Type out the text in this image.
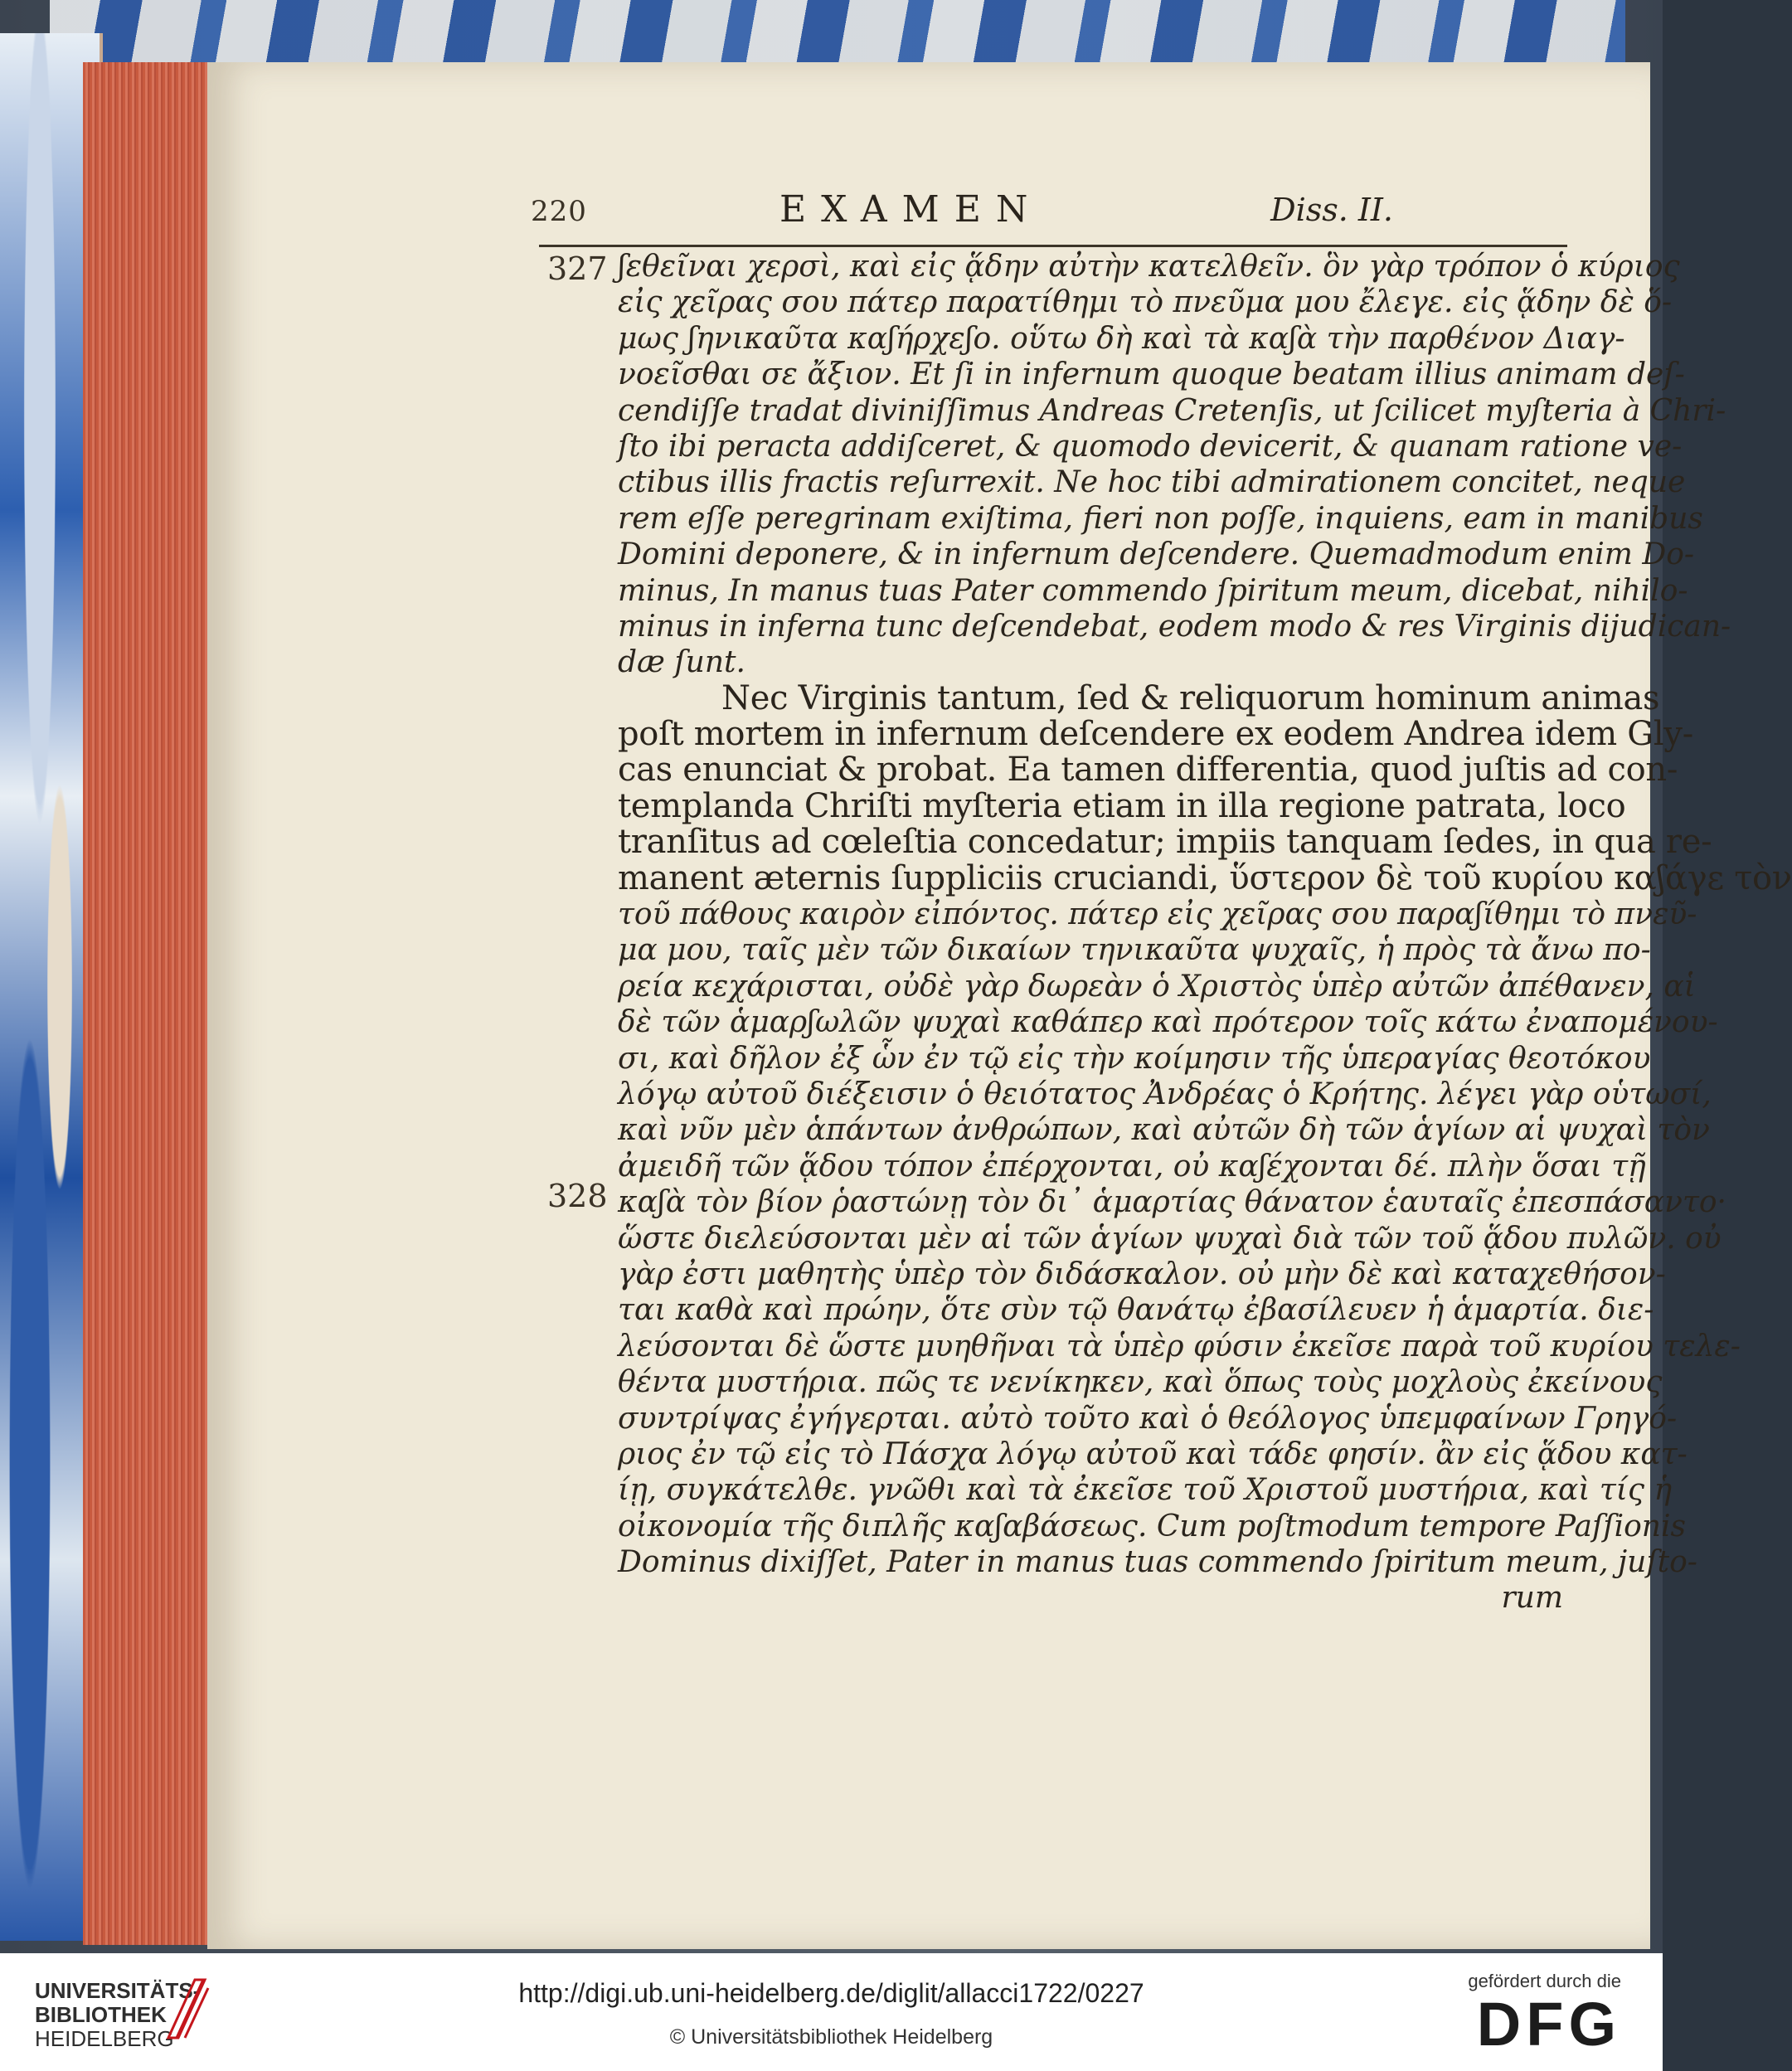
220	EXAMEN	Diss. II.
327
328
ʃεθεῖναι χερσὶ, καὶ εἰς ᾅδην αὐτὴν κατελθεῖν. ὃν γὰρ τρόπον ὁ κύριος
εἰς χεῖρας σου πάτερ παρατίθημι τὸ πνεῦμα μου ἔλεγε. εἰς ᾅδην δὲ ὅ-
μως ʃηνικαῦτα καʃήρχεʃο. οὕτω δὴ καὶ τὰ καʃὰ τὴν παρθένον Διαγ-
νοεῖσθαι σε ἄξιον. Et ſi in infernum quoque beatam illius animam deſ-
cendiſſe tradat diviniſſimus Andreas Cretenſis, ut ſcilicet myſteria à Chri-
ſto ibi peracta addiſceret, & quomodo devicerit, & quanam ratione ve-
ctibus illis fractis reſurrexit. Ne hoc tibi admirationem concitet, neque
rem eſſe peregrinam exiſtima, fieri non poſſe, inquiens, eam in manibus
Domini deponere, & in infernum deſcendere. Quemadmodum enim Do-
minus, In manus tuas Pater commendo ſpiritum meum, dicebat, nihilo-
minus in inferna tunc deſcendebat, eodem modo & res Virginis dijudican-
dæ ſunt.
Nec Virginis tantum, ſed & reliquorum hominum animas
poſt mortem in infernum deſcendere ex eodem Andrea idem Gly-
cas enunciat & probat. Ea tamen differentia, quod juſtis ad con-
templanda Chriſti myſteria etiam in illa regione patrata, loco
tranſitus ad cœleſtia concedatur; impiis tanquam ſedes, in qua re-
manent æternis ſuppliciis cruciandi, ὕστερον δὲ τοῦ κυρίου καʃάγε τὸν
τοῦ πάθους καιρὸν εἰπόντος. πάτερ εἰς χεῖρας σου παραʃίθημι τὸ πνεῦ-
μα μου, ταῖς μὲν τῶν δικαίων τηνικαῦτα ψυχαῖς, ἡ πρὸς τὰ ἄνω πο-
ρεία κεχάρισται, οὐδὲ γὰρ δωρεὰν ὁ Χριστὸς ὑπὲρ αὐτῶν ἀπέθανεν, αἱ
δὲ τῶν ἁμαρʃωλῶν ψυχαὶ καθάπερ καὶ πρότερον τοῖς κάτω ἐναπομένου-
σι, καὶ δῆλον ἐξ ὧν ἐν τῷ εἰς τὴν κοίμησιν τῆς ὑπεραγίας θεοτόκου
λόγῳ αὐτοῦ διέξεισιν ὁ θειότατος Ἀνδρέας ὁ Κρήτης. λέγει γὰρ οὑτωσί,
καὶ νῦν μὲν ἁπάντων ἀνθρώπων, καὶ αὐτῶν δὴ τῶν ἁγίων αἱ ψυχαὶ τὸν
ἀμειδῆ τῶν ᾅδου τόπον ἐπέρχονται, οὐ καʃέχονται δέ. πλὴν ὅσαι τῇ
καʃὰ τὸν βίον ῥαστώνῃ τὸν δι᾽ ἁμαρτίας θάνατον ἑαυταῖς ἐπεσπάσαντο·
ὥστε διελεύσονται μὲν αἱ τῶν ἁγίων ψυχαὶ διὰ τῶν τοῦ ᾅδου πυλῶν. οὐ
γὰρ ἐστι μαθητὴς ὑπὲρ τὸν διδάσκαλον. οὐ μὴν δὲ καὶ καταχεθήσον-
ται καθὰ καὶ πρώην, ὅτε σὺν τῷ θανάτῳ ἐβασίλευεν ἡ ἁμαρτία. διε-
λεύσονται δὲ ὥστε μυηθῆναι τὰ ὑπὲρ φύσιν ἐκεῖσε παρὰ τοῦ κυρίου τελε-
θέντα μυστήρια. πῶς τε νενίκηκεν, καὶ ὅπως τοὺς μοχλοὺς ἐκείνους
συντρίψας ἐγήγερται. αὐτὸ τοῦτο καὶ ὁ θεόλογος ὑπεμφαίνων Γρηγό-
ριος ἐν τῷ εἰς τὸ Πάσχα λόγῳ αὐτοῦ καὶ τάδε φησίν. ἂν εἰς ᾅδου κατ-
ίῃ, συγκάτελθε. γνῶθι καὶ τὰ ἐκεῖσε τοῦ Χριστοῦ μυστήρια, καὶ τίς ἡ
οἰκονομία τῆς διπλῆς καʃαβάσεως. Cum poſtmodum tempore Paſſionis
Dominus dixiſſet, Pater in manus tuas commendo ſpiritum meum, juſto-
rum
UNIVERSITÄTS-
BIBLIOTHEK
HEIDELBERG
http://digi.ub.uni-heidelberg.de/diglit/allacci1722/0227
© Universitätsbibliothek Heidelberg
gefördert durch die
DFG
